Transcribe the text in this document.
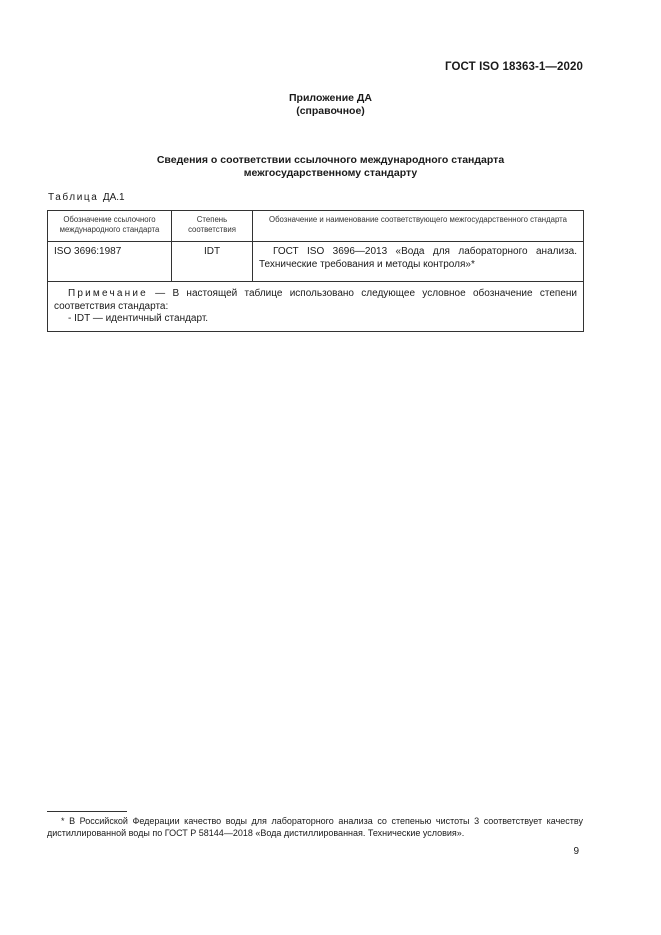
ГОСТ ISO 18363-1—2020
Приложение ДА
(справочное)
Сведения о соответствии ссылочного международного стандарта
межгосударственному стандарту
Таблица ДА.1
Обозначение ссылочного международного стандарта	Степень соответствия	Обозначение и наименование соответствующего межгосударственного стандарта
ISO 3696:1987	IDT	ГОСТ ISO 3696—2013 «Вода для лабораторного анализа. Технические требования и методы контроля»*

Примечание — В настоящей таблице использовано следующее условное обозначение степени соответствия стандарта:

- IDT — идентичный стандарт.		

* В Российской Федерации качество воды для лабораторного анализа со степенью чистоты 3 соответствует качеству дистиллированной воды по ГОСТ Р 58144—2018 «Вода дистиллированная. Технические условия».
9
